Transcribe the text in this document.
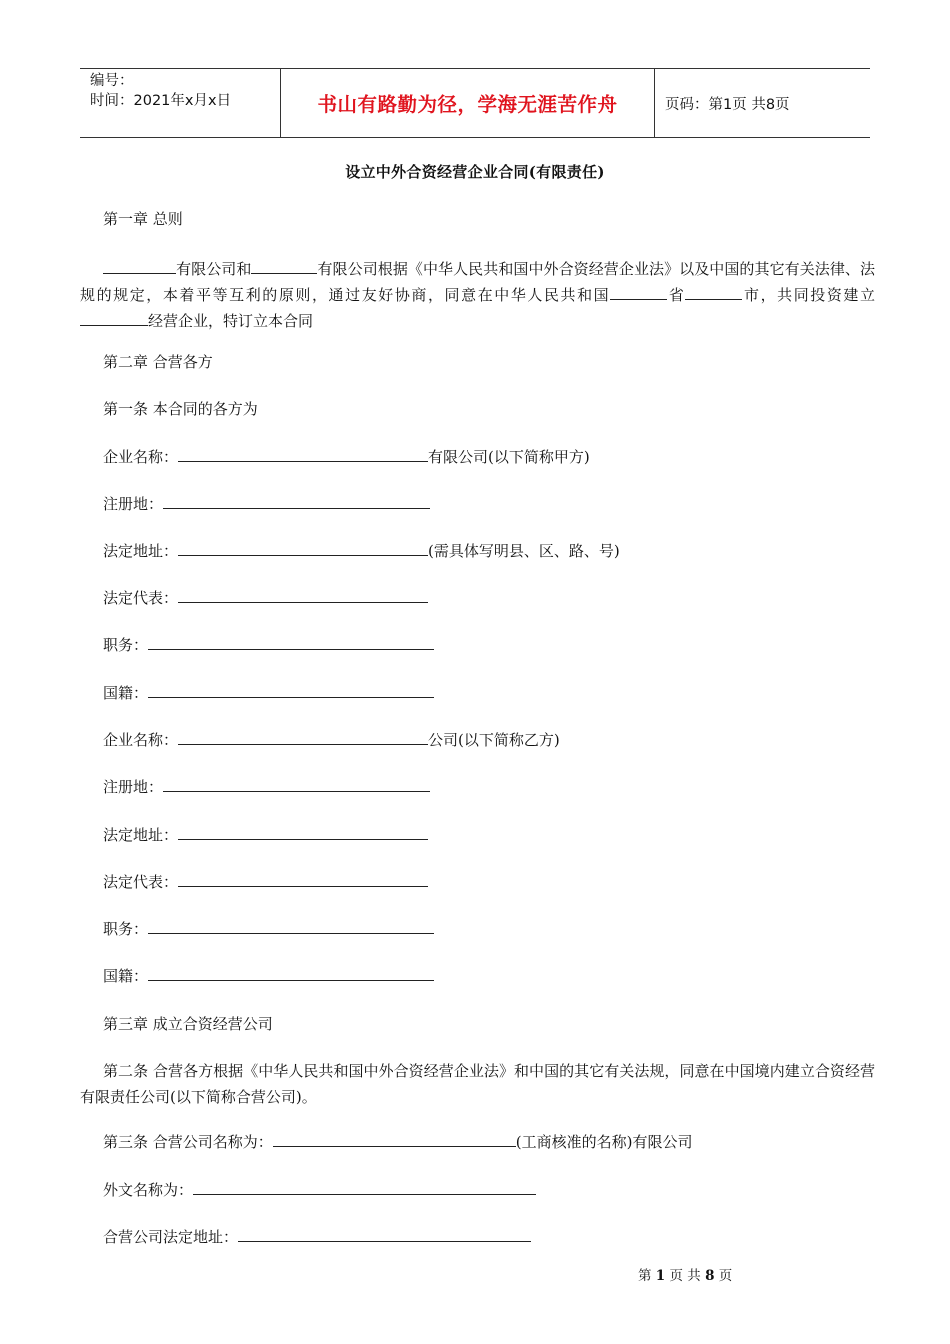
编号：
时间：2021年x月x日	书山有路勤为径，学海无涯苦作舟	页码：第1页 共8页
设立中外合资经营企业合同(有限责任)
第一章 总则
有限公司和	有限公司根据《中华人民共和国中外合资经营企业法》以及中国的其它有关法律、法规的规定，本着平等互利的原则，通过友好协商，同意在中华人民共和国	省	市，共同投资建立经营企业，特订立本合同
第二章 合营各方
第一条 本合同的各方为
企业名称：	有限公司(以下简称甲方)
注册地：
法定地址：	(需具体写明县、区、路、号)
法定代表：
职务：
国籍：
企业名称：	公司(以下简称乙方)
注册地：
法定地址：
法定代表：
职务：
国籍：
第三章 成立合资经营公司
第二条 合营各方根据《中华人民共和国中外合资经营企业法》和中国的其它有关法规，同意在中国境内建立合资经营有限责任公司(以下简称合营公司)。
第三条 合营公司名称为：	(工商核准的名称)有限公司
外文名称为：
合营公司法定地址：
第 1 页 共 8 页
